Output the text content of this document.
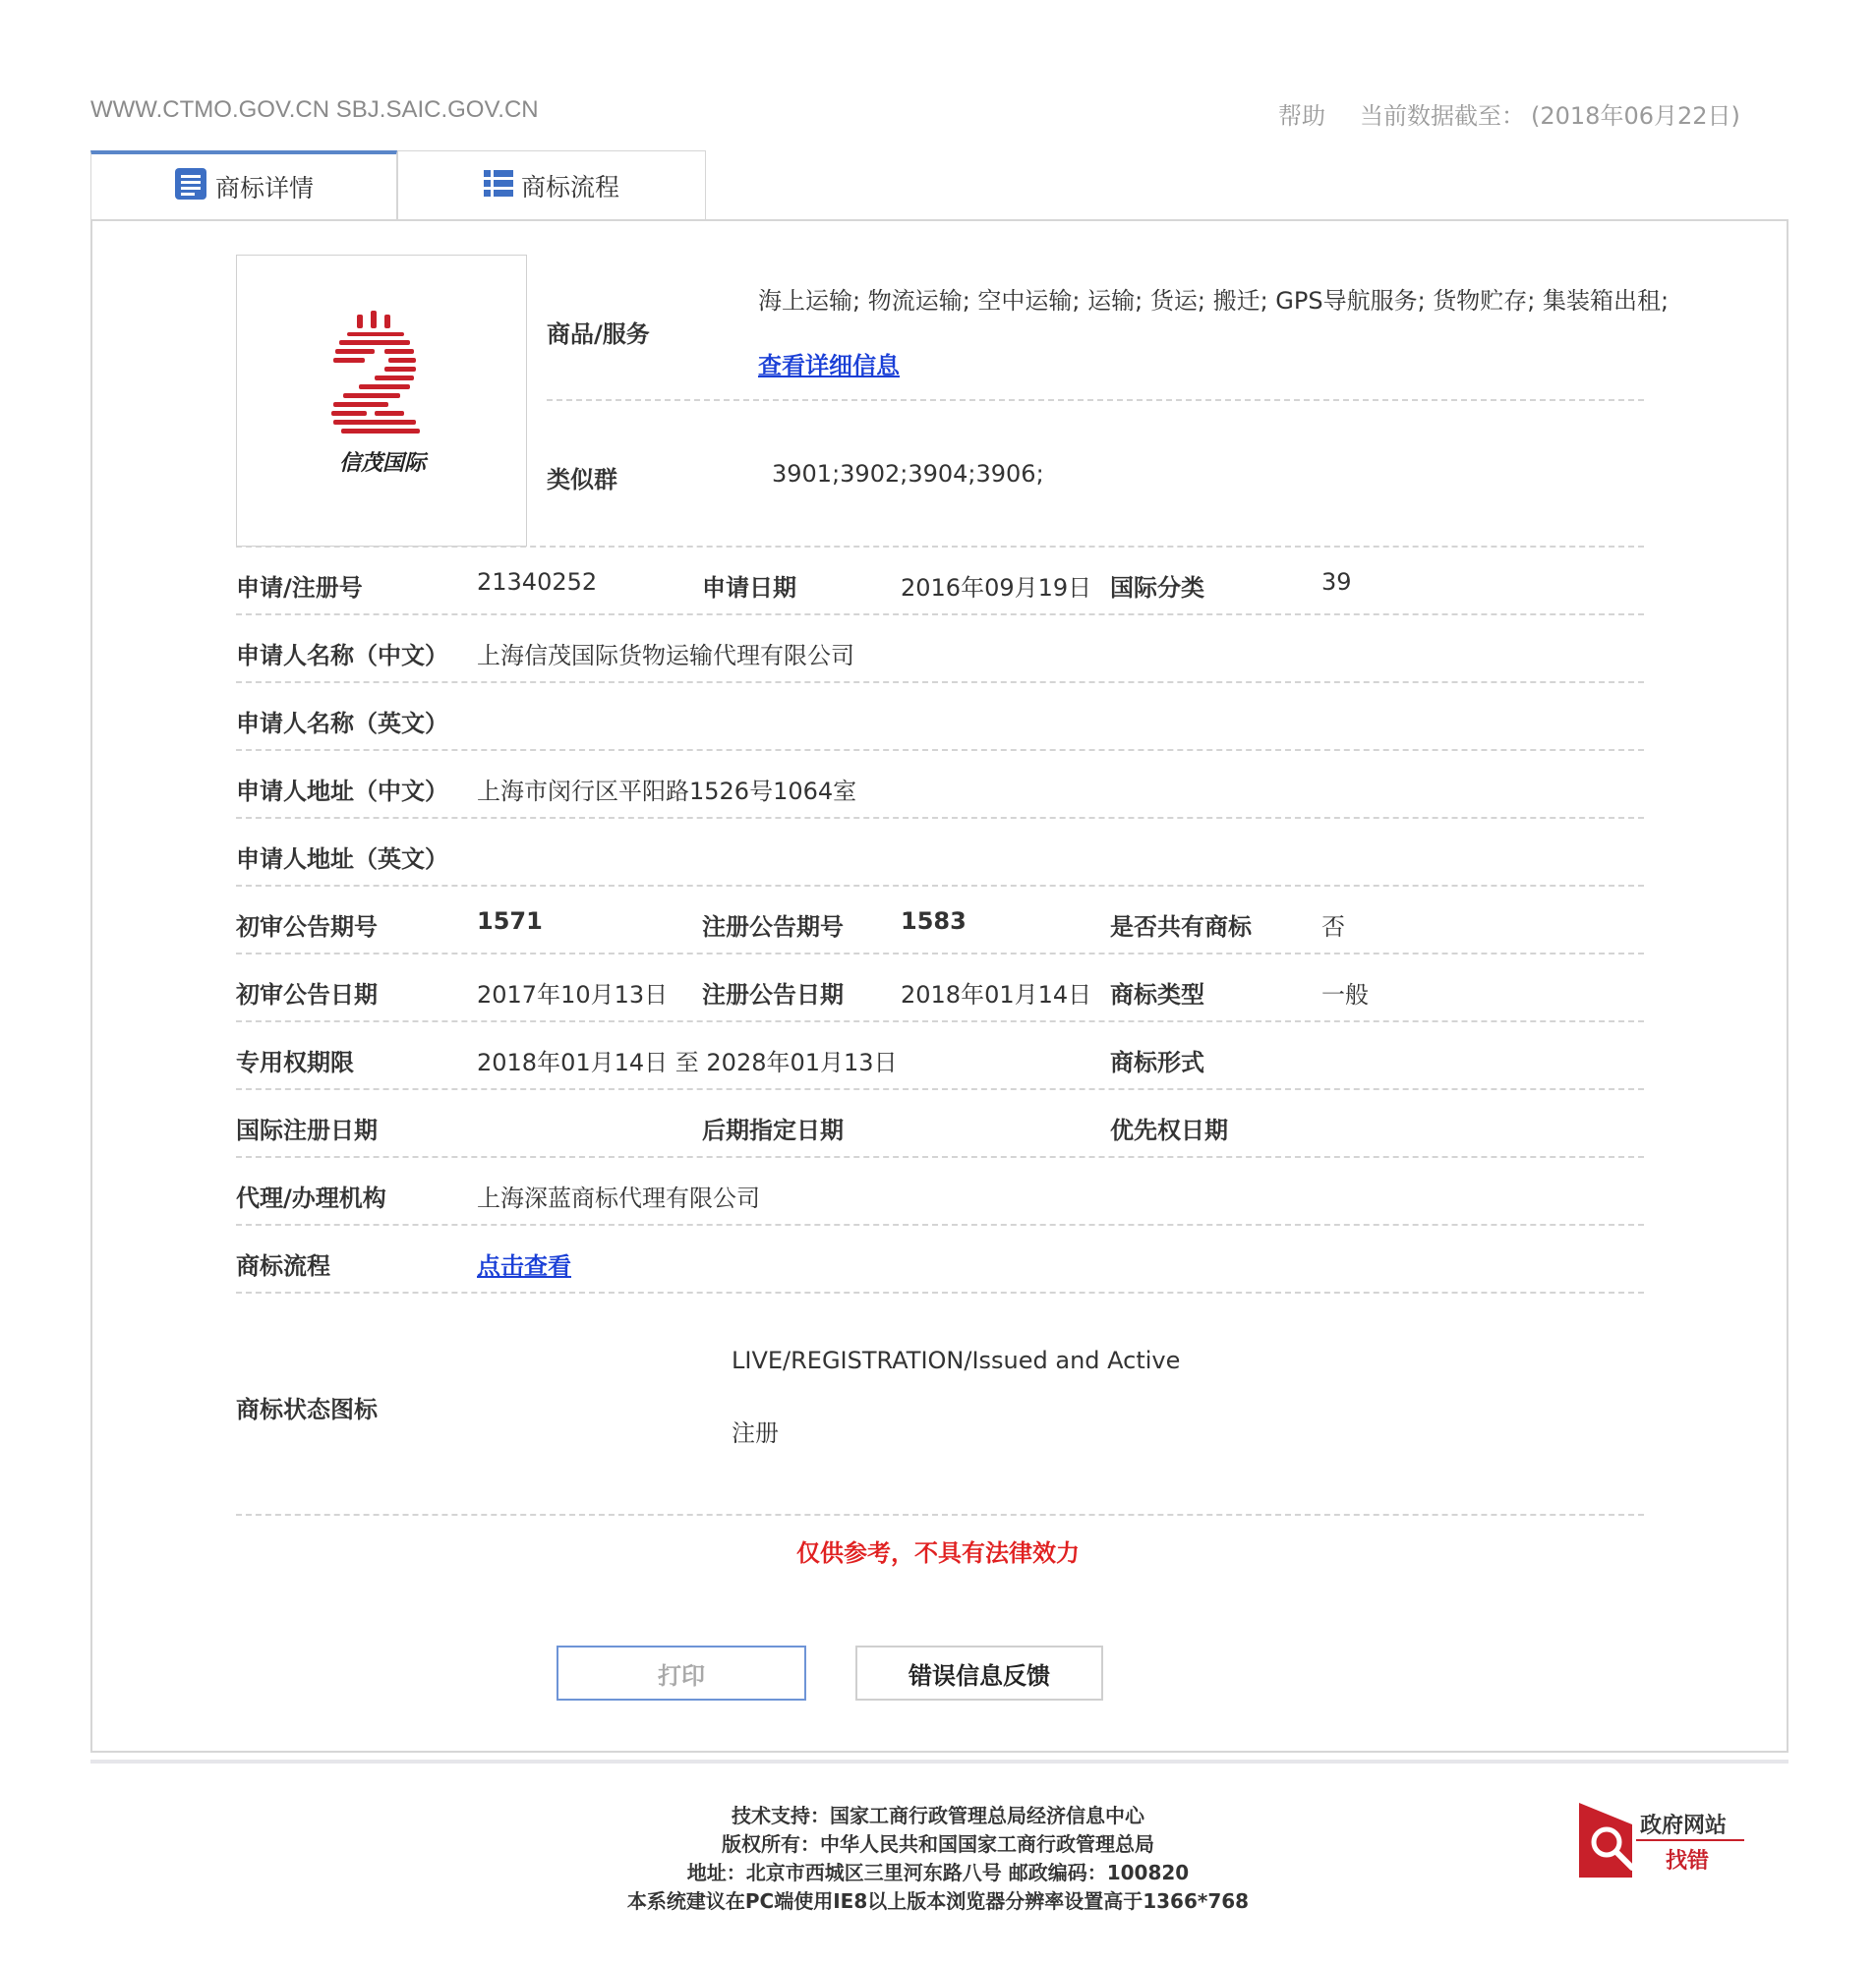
WWW.CTMO.GOV.CN SBJ.SAIC.GOV.CN	帮助 当前数据截至： (2018年06月22日)
商标详情	商标流程
信茂国际
商品/服务
海上运输; 物流运输; 空中运输; 运输; 货运; 搬迁; GPS导航服务; 货物贮存; 集装箱出租;
查看详细信息
类似群	3901;3902;3904;3906;
申请/注册号	21340252	申请日期	2016年09月19日 国际分类	39
申请人名称（中文） 上海信茂国际货物运输代理有限公司
申请人名称（英文）
申请人地址（中文） 上海市闵行区平阳路1526号1064室
申请人地址（英文）
初审公告期号	1571	注册公告期号 1583	是否共有商标	否
初审公告日期	2017年10月13日 注册公告日期 2018年01月14日 商标类型	一般
专用权期限	2018年01月14日 至 2028年01月13日	商标形式
国际注册日期	后期指定日期	优先权日期
代理/办理机构	上海深蓝商标代理有限公司
商标流程	点击查看
商标状态图标
LIVE/REGISTRATION/Issued and Active
注册
仅供参考，不具有法律效力
打印	错误信息反馈
技术支持：国家工商行政管理总局经济信息中心
版权所有：中华人民共和国国家工商行政管理总局
地址：北京市西城区三里河东路八号 邮政编码：100820
本系统建议在PC端使用IE8以上版本浏览器分辨率设置高于1366*768
政府网站
找错
